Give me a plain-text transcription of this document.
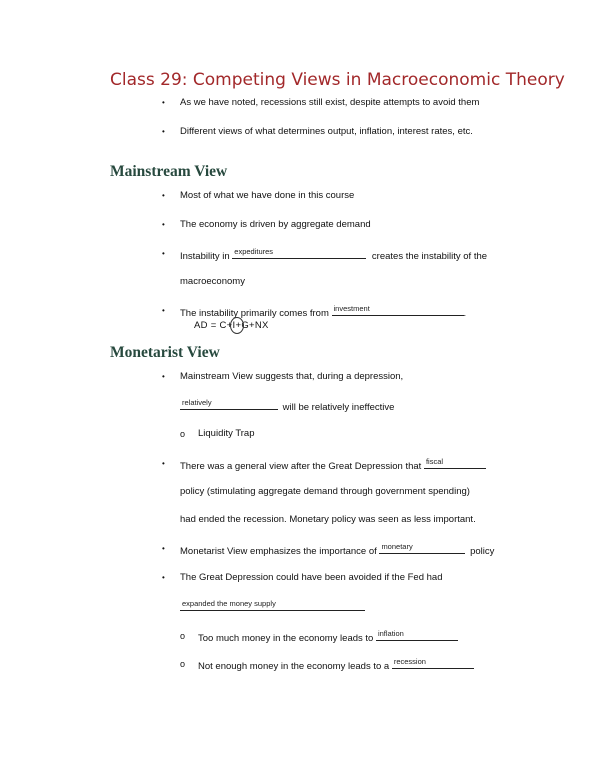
Class 29: Competing Views in Macroeconomic Theory
• As we have noted, recessions still exist, despite attempts to avoid them
• Different views of what determines output, inflation, interest rates, etc.
Mainstream View
• Most of what we have done in this course
• The economy is driven by aggregate demand
• Instability in expeditures	creates the instability of the
macroeconomy
• The instability primarily comes from investment	.
AD = C+I+G+NX
Monetarist View
• Mainstream View suggests that, during a depression,
relatively	will be relatively ineffective
o Liquidity Trap
• There was a general view after the Great Depression that fiscal
policy (stimulating aggregate demand through government spending)
had ended the recession. Monetary policy was seen as less important.
• Monetarist View emphasizes the importance of monetary	policy
• The Great Depression could have been avoided if the Fed had
expanded the money supply
o Too much money in the economy leads to inflation
o Not enough money in the economy leads to a recession
